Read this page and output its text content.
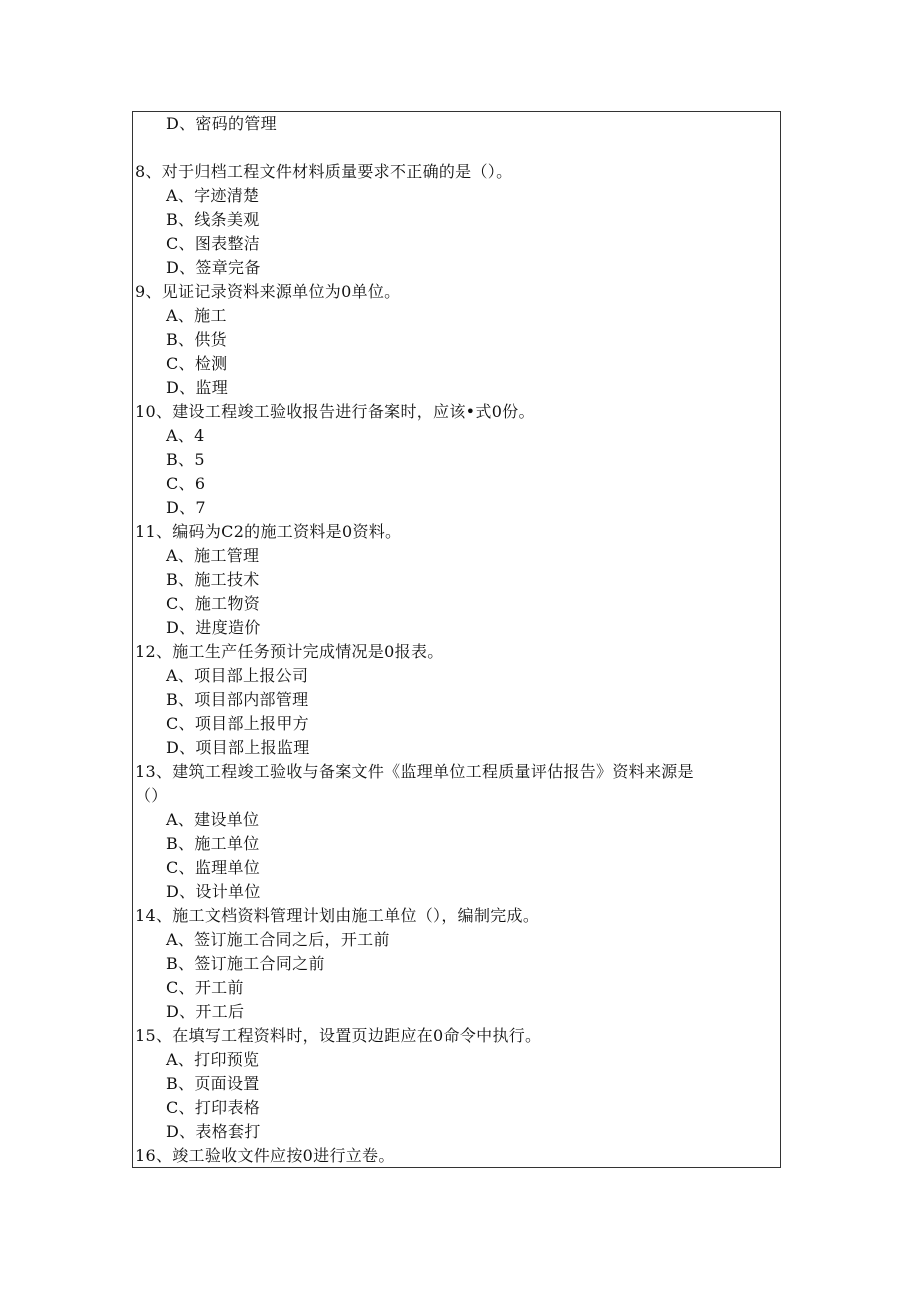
D、密码的管理
8、对于归档工程文件材料质量要求不正确的是（）。
A、字迹清楚
B、线条美观
C、图表整洁
D、签章完备
9、见证记录资料来源单位为0单位。
A、施工
B、供货
C、检测
D、监理
10、建设工程竣工验收报告进行备案时，应该•式0份。
A、4
B、5
C、6
D、7
11、编码为C2的施工资料是0资料。
A、施工管理
B、施工技术
C、施工物资
D、进度造价
12、施工生产任务预计完成情况是0报表。
A、项目部上报公司
B、项目部内部管理
C、项目部上报甲方
D、项目部上报监理
13、建筑工程竣工验收与备案文件《监理单位工程质量评估报告》资料来源是
（）
A、建设单位
B、施工单位
C、监理单位
D、设计单位
14、施工文档资料管理计划由施工单位（），编制完成。
A、签订施工合同之后，开工前
B、签订施工合同之前
C、开工前
D、开工后
15、在填写工程资料时，设置页边距应在0命令中执行。
A、打印预览
B、页面设置
C、打印表格
D、表格套打
16、竣工验收文件应按0进行立卷。
